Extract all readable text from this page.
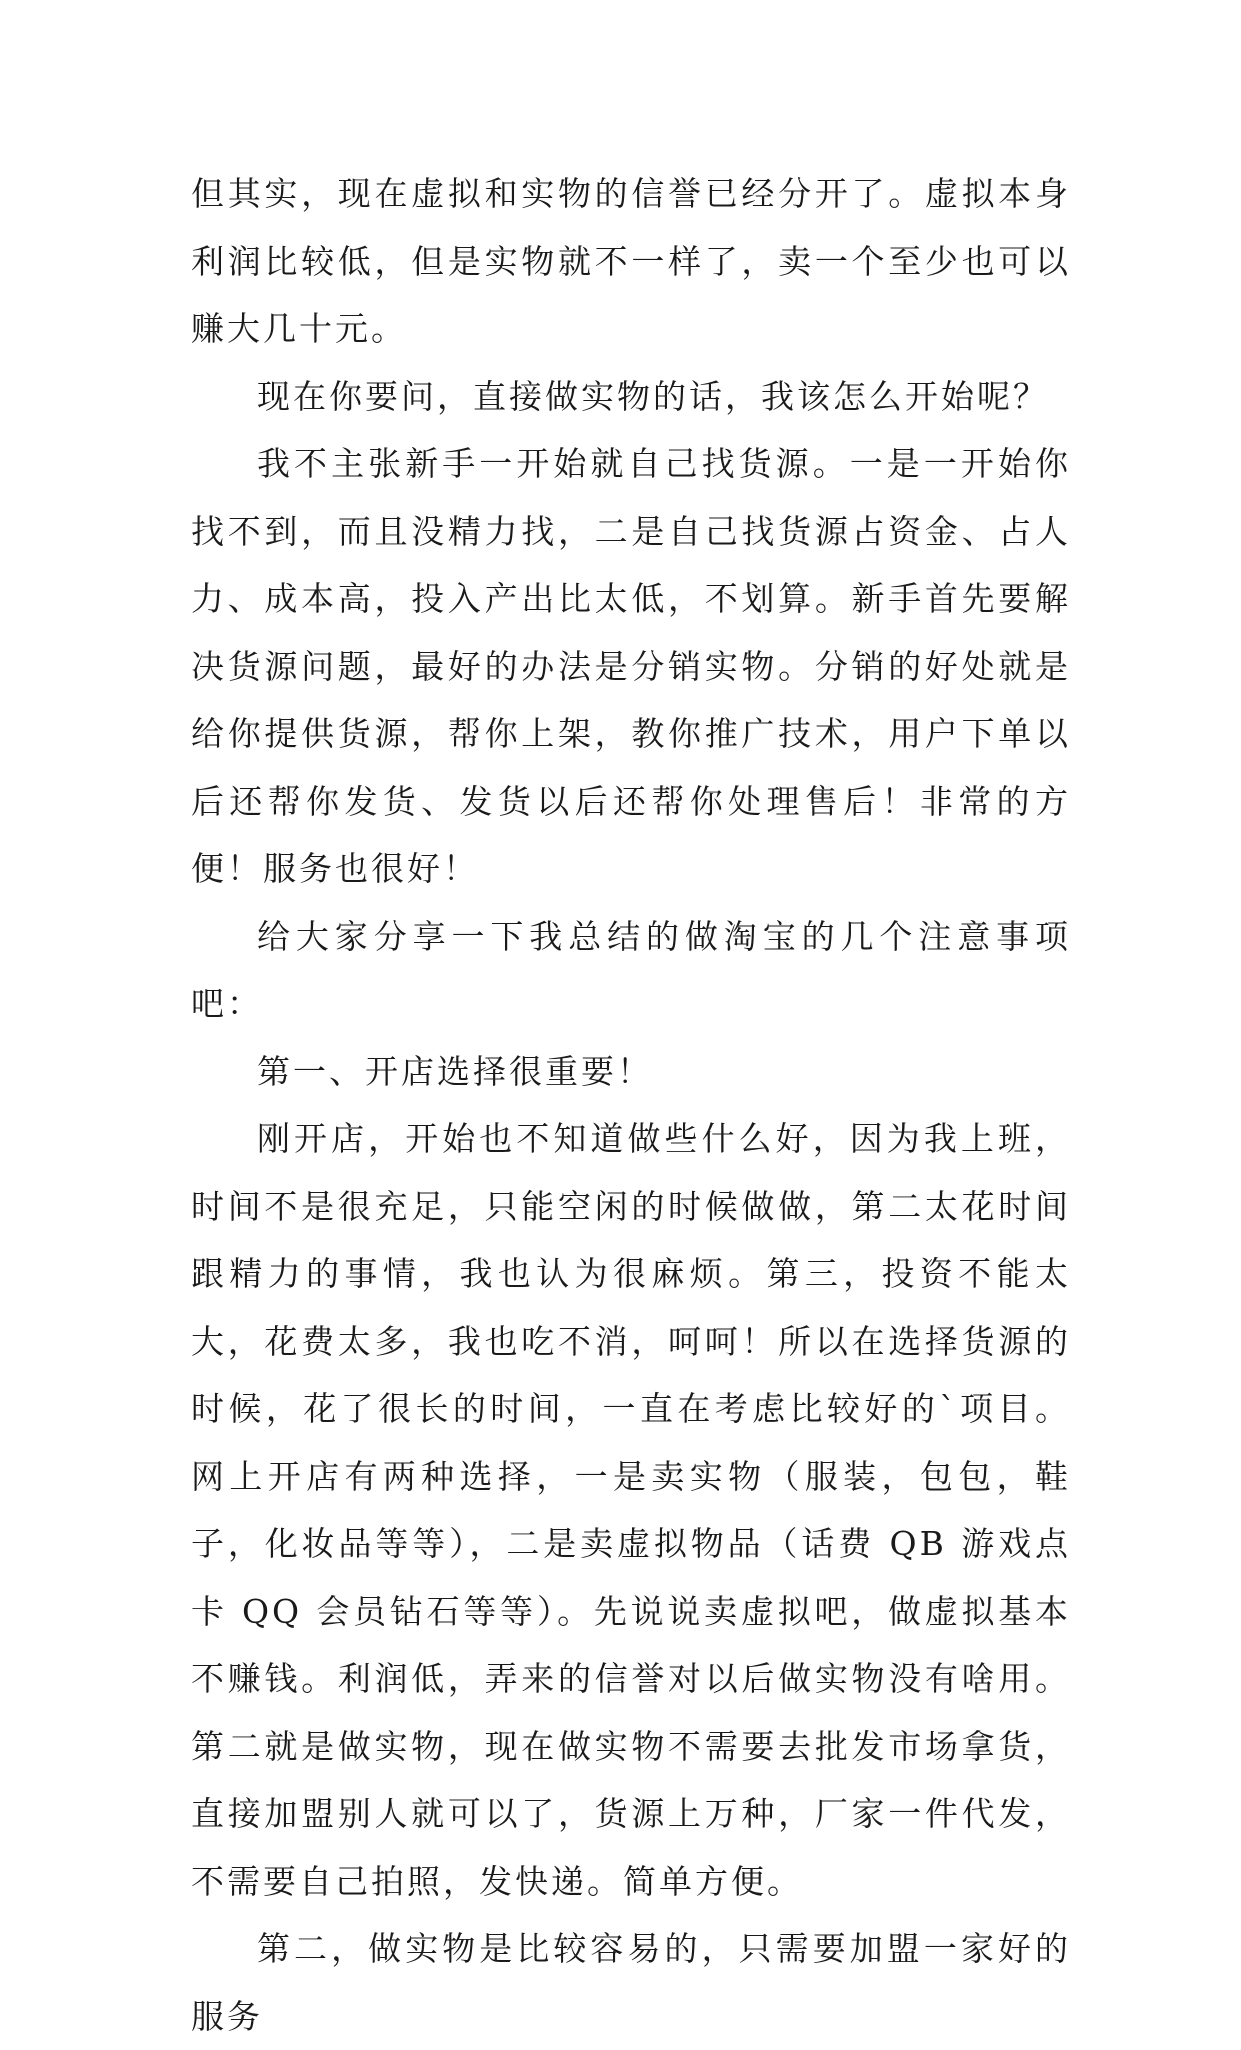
但其实，现在虚拟和实物的信誉已经分开了。虚拟本身利润比较低，但是实物就不一样了，卖一个至少也可以赚大几十元。

现在你要问，直接做实物的话，我该怎么开始呢？

我不主张新手一开始就自己找货源。一是一开始你找不到，而且没精力找，二是自己找货源占资金、占人力、成本高，投入产出比太低，不划算。新手首先要解决货源问题，最好的办法是分销实物。分销的好处就是给你提供货源，帮你上架，教你推广技术，用户下单以后还帮你发货、发货以后还帮你处理售后！非常的方便！服务也很好！

给大家分享一下我总结的做淘宝的几个注意事项吧：

第一、开店选择很重要！

刚开店，开始也不知道做些什么好，因为我上班，时间不是很充足，只能空闲的时候做做，第二太花时间跟精力的事情，我也认为很麻烦。第三，投资不能太大，花费太多，我也吃不消，呵呵！所以在选择货源的时候，花了很长的时间，一直在考虑比较好的`项目。网上开店有两种选择，一是卖实物（服装，包包，鞋子，化妆品等等），二是卖虚拟物品（话费 QB 游戏点卡 QQ 会员钻石等等）。先说说卖虚拟吧，做虚拟基本不赚钱。利润低，弄来的信誉对以后做实物没有啥用。第二就是做实物，现在做实物不需要去批发市场拿货，直接加盟别人就可以了，货源上万种，厂家一件代发，不需要自己拍照，发快递。简单方便。

第二，做实物是比较容易的，只需要加盟一家好的服务
